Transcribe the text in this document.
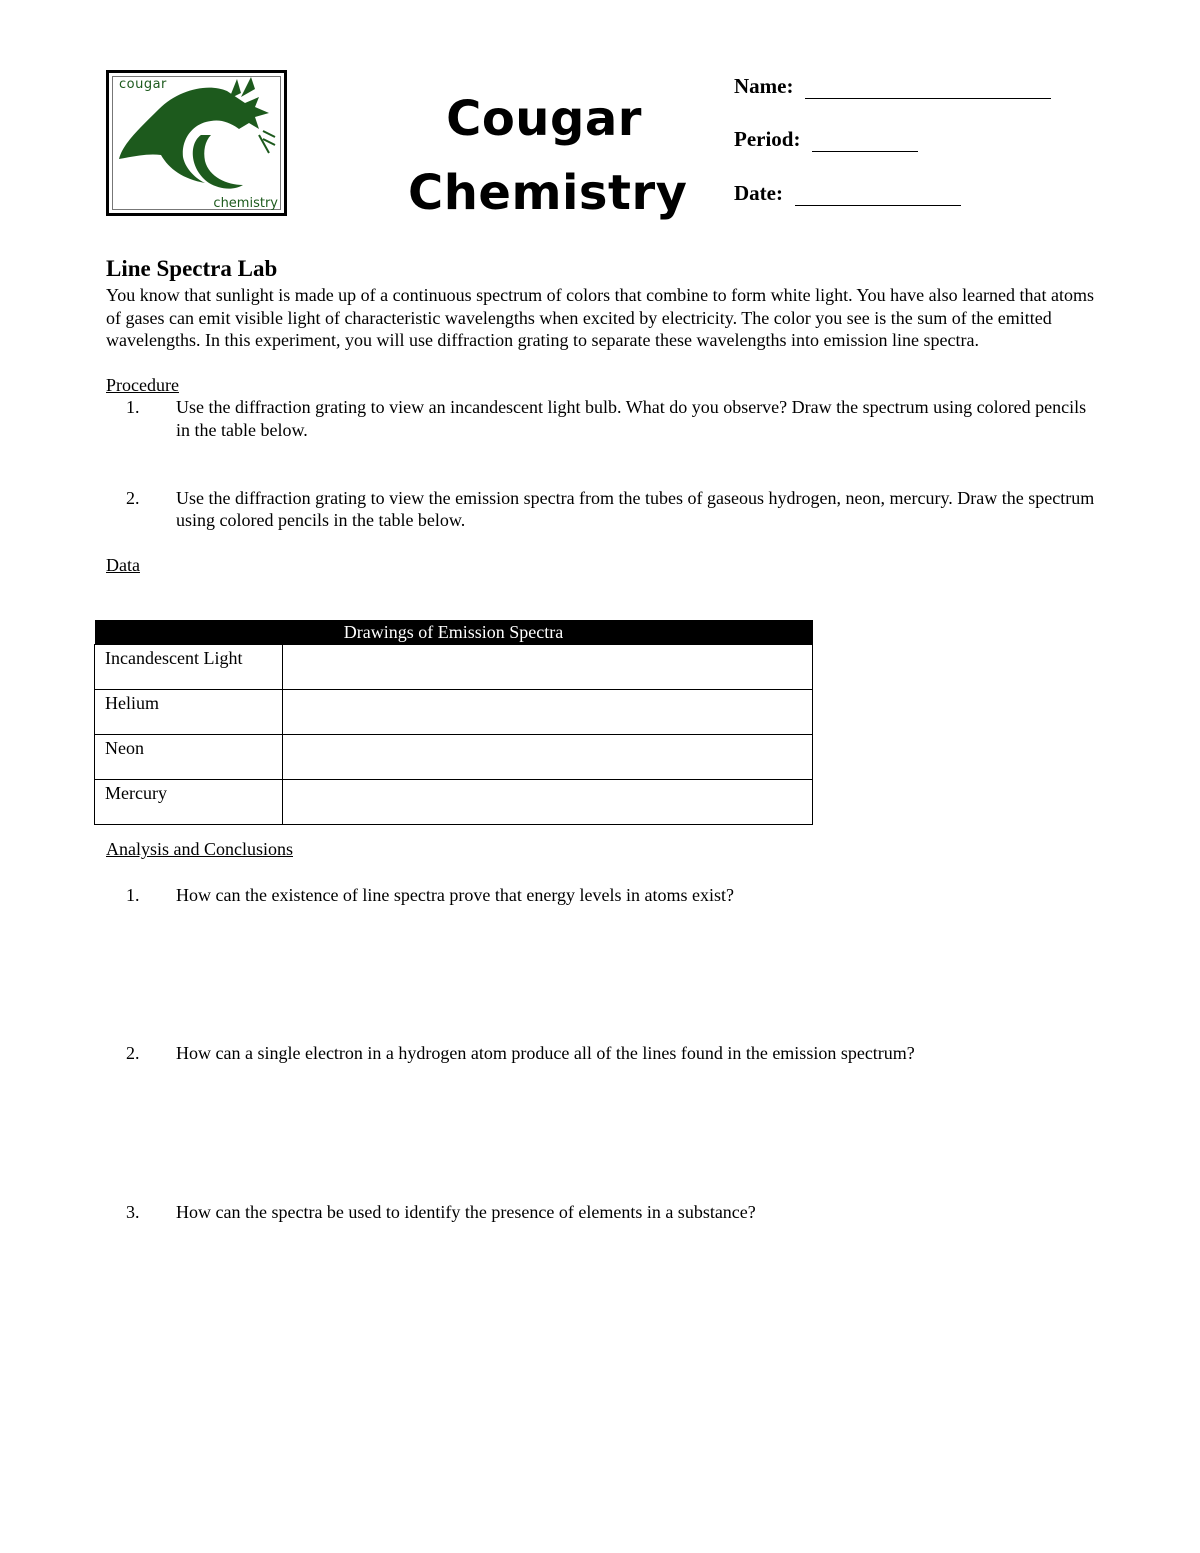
cougar
chemistry
Cougar
Chemistry
Name:
Period:
Date:
Line Spectra Lab

You know that sunlight is made up of a continuous spectrum of colors that combine to form white light. You have also learned that atoms of gases can emit visible light of characteristic wavelengths when excited by electricity. The color you see is the sum of the emitted wavelengths. In this experiment, you will use diffraction grating to separate these wavelengths into emission line spectra.

Procedure

1.	Use the diffraction grating to view an incandescent light bulb. What do you observe? Draw the spectrum using colored pencils in the table below.
2.	Use the diffraction grating to view the emission spectra from the tubes of gaseous hydrogen, neon, mercury. Draw the spectrum using colored pencils in the table below.

Data

Drawings of Emission Spectra	
Incandescent Light	
Helium	
Neon	
Mercury	
Analysis and Conclusions
1.	How can the existence of line spectra prove that energy levels in atoms exist?
2.	How can a single electron in a hydrogen atom produce all of the lines found in the emission spectrum?
3.	How can the spectra be used to identify the presence of elements in a substance?
